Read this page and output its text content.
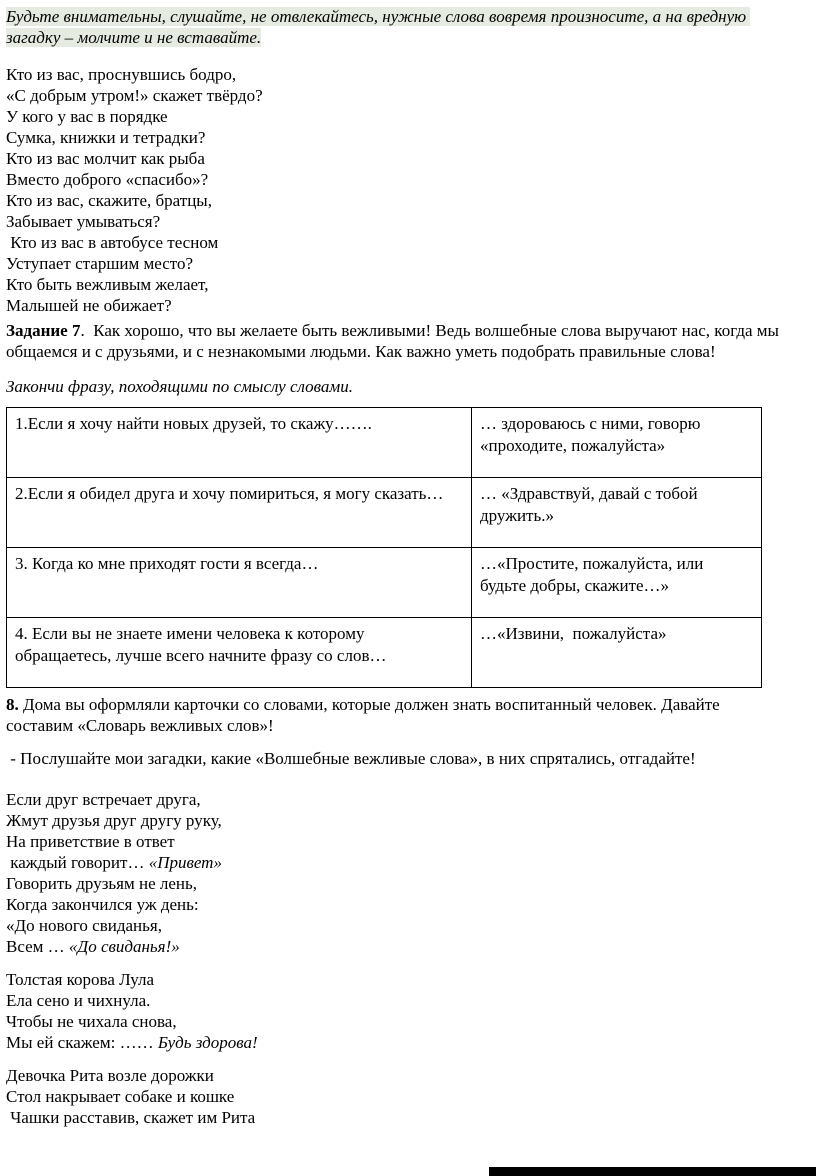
Будьте внимательны, слушайте, не отвлекайтесь, нужные слова вовремя произносите, а на вредную загадку – молчите и не вставайте.

Кто из вас, проснувшись бодро,
«С добрым утром!» скажет твёрдо?
У кого у вас в порядке
Сумка, книжки и тетрадки?
Кто из вас молчит как рыба
Вместо доброго «спасибо»?
Кто из вас, скажите, братцы,
Забывает умываться?
Кто из вас в автобусе тесном
Уступает старшим место?
Кто быть вежливым желает,
Малышей не обижает?

Задание 7.  Как хорошо, что вы желаете быть вежливыми! Ведь волшебные слова выручают нас, когда мы общаемся и с друзьями, и с незнакомыми людьми. Как важно уметь подобрать правильные слова!

Закончи фразу, походящими по смыслу словами.

1.Если я хочу найти новых друзей, то скажу…….	… здороваюсь с ними, говорю «проходите, пожалуйста»
2.Если я обидел друга и хочу помириться, я могу сказать…	… «Здравствуй, давай с тобой дружить.»
3. Когда ко мне приходят гости я всегда…	…«Простите, пожалуйста, или будьте добры, скажите…»
4. Если вы не знаете имени человека к которому обращаетесь, лучше всего начните фразу со слов…	…«Извини,  пожалуйста»

8. Дома вы оформляли карточки со словами, которые должен знать воспитанный человек. Давайте составим «Словарь вежливых слов»!

- Послушайте мои загадки, какие «Волшебные вежливые слова», в них спрятались, отгадайте!

Если друг встречает друга,
Жмут друзья друг другу руку,
На приветствие в ответ
каждый говорит… «Привет»
Говорить друзьям не лень,
Когда закончился уж день:
«До нового свиданья,
Всем … «До свиданья!»
Толстая корова Лула
Ела сено и чихнула.
Чтобы не чихала снова,
Мы ей скажем: …… Будь здорова!
Девочка Рита возле дорожки
Стол накрывает собаке и кошке
Чашки расставив, скажет им Рита
